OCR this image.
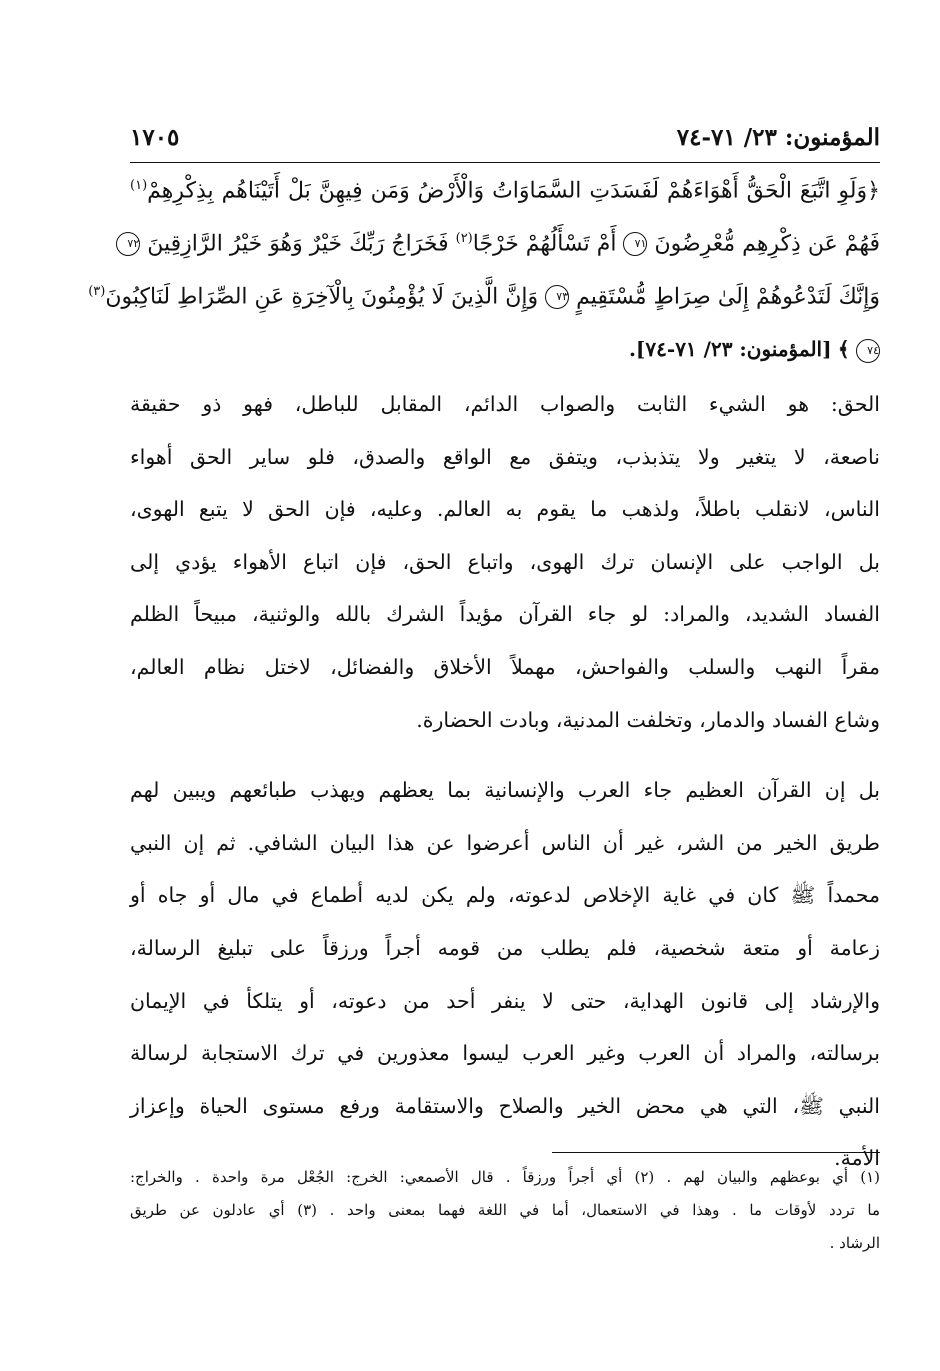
المؤمنون: ٢٣/ ٧١-٧٤
١٧٠٥
﴿وَلَوِ اتَّبَعَ الْحَقُّ أَهْوَاءَهُمْ لَفَسَدَتِ السَّمَاوَاتُ وَالْأَرْضُ وَمَن فِيهِنَّ بَلْ أَتَيْنَاهُم بِذِكْرِهِمْ$^{(١)}$
فَهُمْ عَن ذِكْرِهِم مُّعْرِضُونَ ٧١ أَمْ تَسْأَلُهُمْ خَرْجًا$^{(٢)}$ فَخَرَاجُ رَبِّكَ خَيْرٌ وَهُوَ خَيْرُ الرَّازِقِينَ ٧٢
وَإِنَّكَ لَتَدْعُوهُمْ إِلَىٰ صِرَاطٍ مُّسْتَقِيمٍ ٧٣ وَإِنَّ الَّذِينَ لَا يُؤْمِنُونَ بِالْآخِرَةِ عَنِ الصِّرَاطِ لَنَاكِبُونَ$^{(٣)}$
٧٤ ﴾ [المؤمنون: ٢٣/ ٧١-٧٤].
الحق: هو الشيء الثابت والصواب الدائم، المقابل للباطل، فهو ذو حقيقة
ناصعة، لا يتغير ولا يتذبذب، ويتفق مع الواقع والصدق، فلو ساير الحق أهواء
الناس، لانقلب باطلاً، ولذهب ما يقوم به العالم. وعليه، فإن الحق لا يتبع الهوى،
بل الواجب على الإنسان ترك الهوى، واتباع الحق، فإن اتباع الأهواء يؤدي إلى
الفساد الشديد، والمراد: لو جاء القرآن مؤيداً الشرك بالله والوثنية، مبيحاً الظلم
مقراً النهب والسلب والفواحش، مهملاً الأخلاق والفضائل، لاختل نظام العالم،
وشاع الفساد والدمار، وتخلفت المدنية، وبادت الحضارة.
بل إن القرآن العظيم جاء العرب والإنسانية بما يعظهم ويهذب طبائعهم ويبين لهم
طريق الخير من الشر، غير أن الناس أعرضوا عن هذا البيان الشافي. ثم إن النبي
محمداً ﷺ كان في غاية الإخلاص لدعوته، ولم يكن لديه أطماع في مال أو جاه أو
زعامة أو متعة شخصية، فلم يطلب من قومه أجراً ورزقاً على تبليغ الرسالة،
والإرشاد إلى قانون الهداية، حتى لا ينفر أحد من دعوته، أو يتلكأ في الإيمان
برسالته، والمراد أن العرب وغير العرب ليسوا معذورين في ترك الاستجابة لرسالة
النبي ﷺ، التي هي محض الخير والصلاح والاستقامة ورفع مستوى الحياة وإعزاز
الأمة.
(١) أي بوعظهم والبيان لهم . (٢) أي أجراً ورزقاً . قال الأصمعي: الخرج: الجُعْل مرة واحدة . والخراج:
ما تردد لأوقات ما . وهذا في الاستعمال، أما في اللغة فهما بمعنى واحد . (٣) أي عادلون عن طريق
الرشاد .
